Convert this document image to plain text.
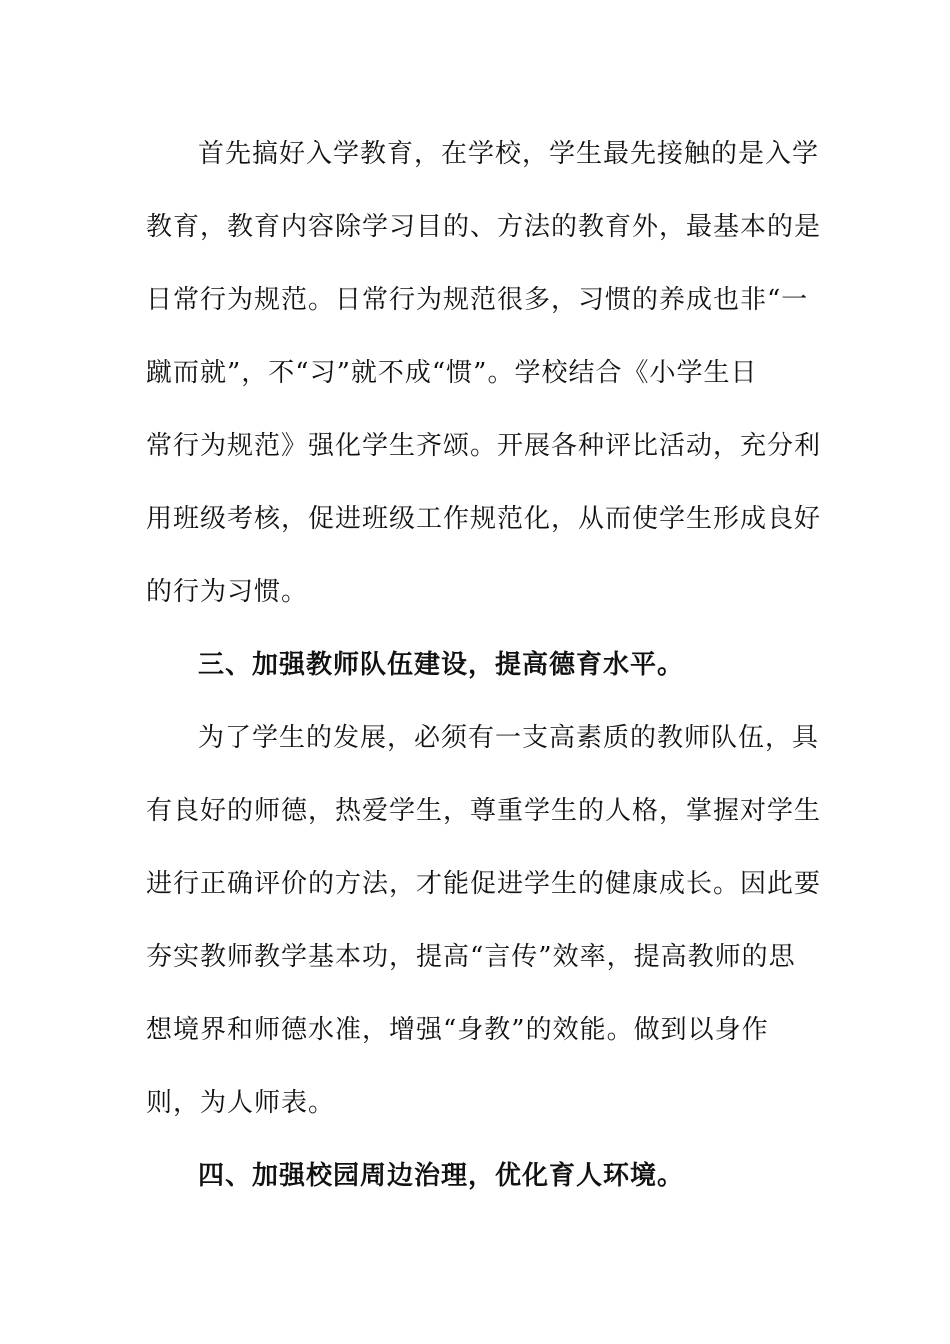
首先搞好入学教育，在学校，学生最先接触的是入学
教育，教育内容除学习目的、方法的教育外，最基本的是
日常行为规范。日常行为规范很多，习惯的养成也非“一
蹴而就”，不“习”就不成“惯”。学校结合《小学生日
常行为规范》强化学生齐颂。开展各种评比活动，充分利
用班级考核，促进班级工作规范化，从而使学生形成良好
的行为习惯。
三、加强教师队伍建设，提高德育水平。
为了学生的发展，必须有一支高素质的教师队伍，具
有良好的师德，热爱学生，尊重学生的人格，掌握对学生
进行正确评价的方法，才能促进学生的健康成长。因此要
夯实教师教学基本功，提高“言传”效率，提高教师的思
想境界和师德水准，增强“身教”的效能。做到以身作
则，为人师表。
四、加强校园周边治理，优化育人环境。
